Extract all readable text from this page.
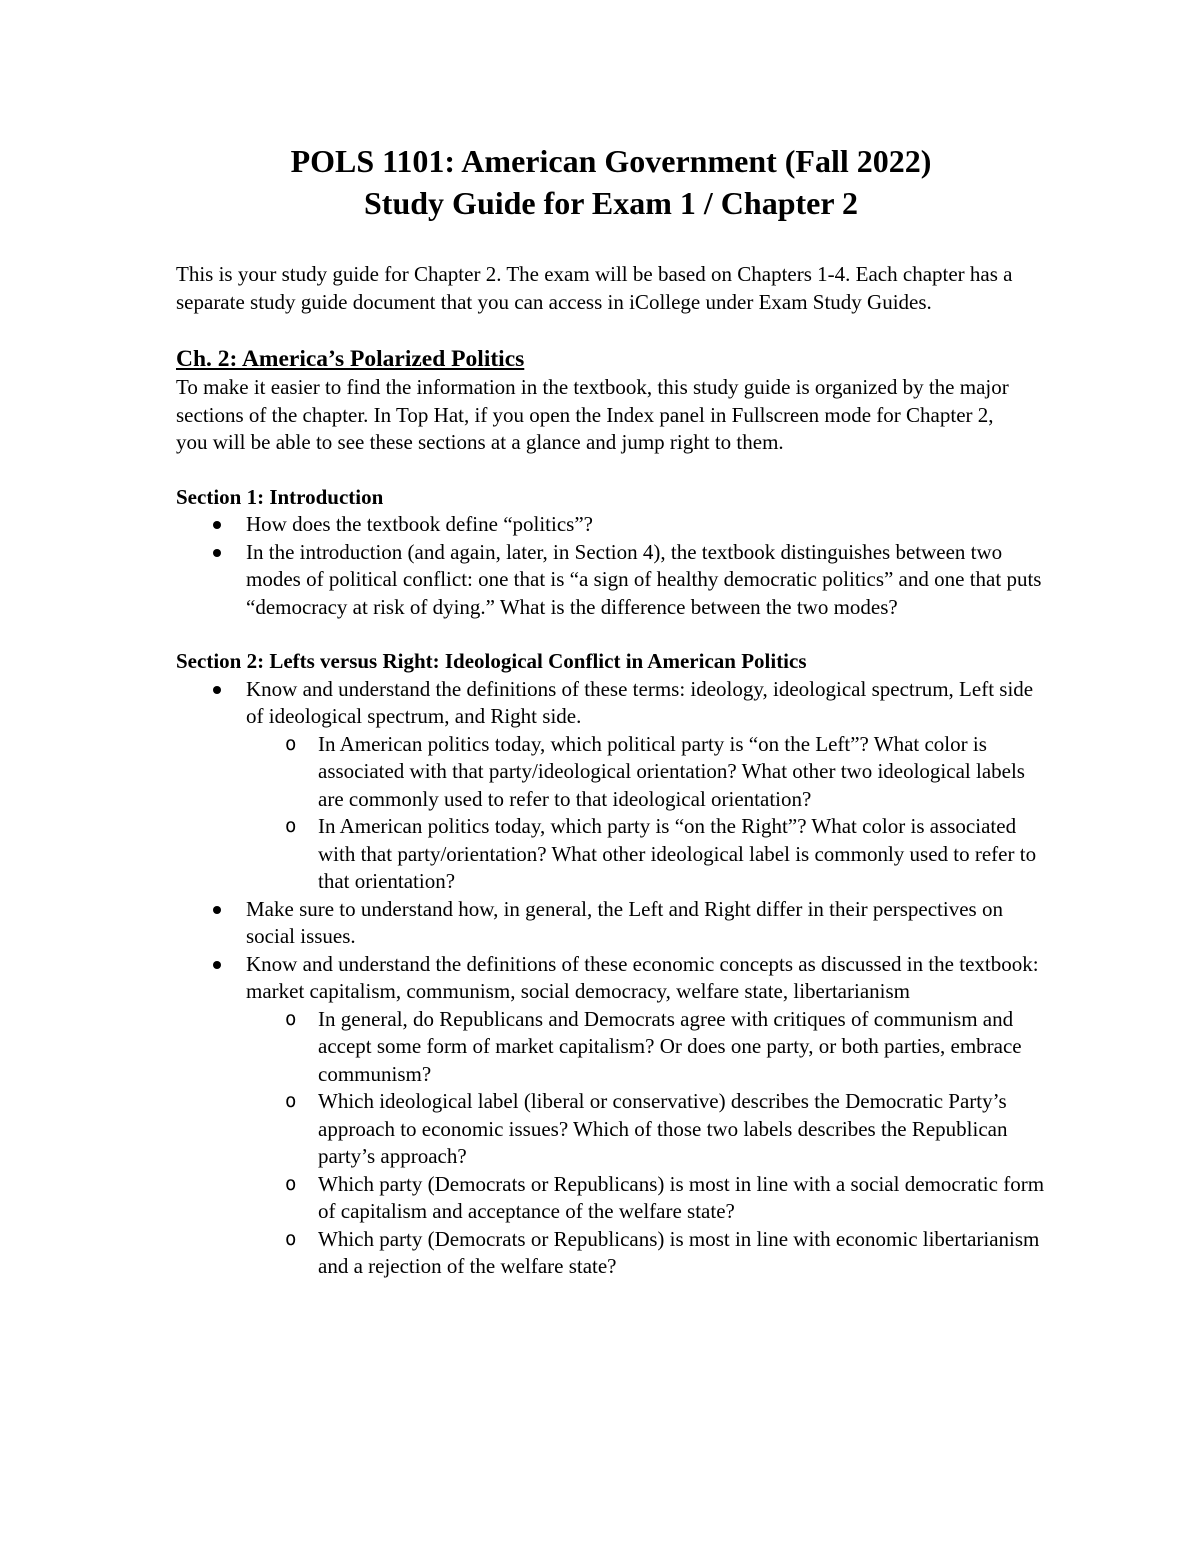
POLS 1101: American Government (Fall 2022)
Study Guide for Exam 1 / Chapter 2

This is your study guide for Chapter 2. The exam will be based on Chapters 1-4. Each chapter has a separate study guide document that you can access in iCollege under Exam Study Guides.

Ch. 2: America’s Polarized Politics
To make it easier to find the information in the textbook, this study guide is organized by the major sections of the chapter. In Top Hat, if you open the Index panel in Fullscreen mode for Chapter 2, you will be able to see these sections at a glance and jump right to them.
Section 1: Introduction
How does the textbook define “politics”?
In the introduction (and again, later, in Section 4), the textbook distinguishes between two modes of political conflict: one that is “a sign of healthy democratic politics” and one that puts “democracy at risk of dying.” What is the difference between the two modes?
Section 2: Lefts versus Right: Ideological Conflict in American Politics
Know and understand the definitions of these terms: ideology, ideological spectrum, Left side of ideological spectrum, and Right side.
o In American politics today, which political party is “on the Left”? What color is associated with that party/ideological orientation? What other two ideological labels are commonly used to refer to that ideological orientation?
o In American politics today, which party is “on the Right”? What color is associated with that party/orientation? What other ideological label is commonly used to refer to that orientation?
Make sure to understand how, in general, the Left and Right differ in their perspectives on social issues.
Know and understand the definitions of these economic concepts as discussed in the textbook: market capitalism, communism, social democracy, welfare state, libertarianism
o In general, do Republicans and Democrats agree with critiques of communism and accept some form of market capitalism? Or does one party, or both parties, embrace communism?
o Which ideological label (liberal or conservative) describes the Democratic Party’s approach to economic issues? Which of those two labels describes the Republican party’s approach?
o Which party (Democrats or Republicans) is most in line with a social democratic form of capitalism and acceptance of the welfare state?
o Which party (Democrats or Republicans) is most in line with economic libertarianism and a rejection of the welfare state?
